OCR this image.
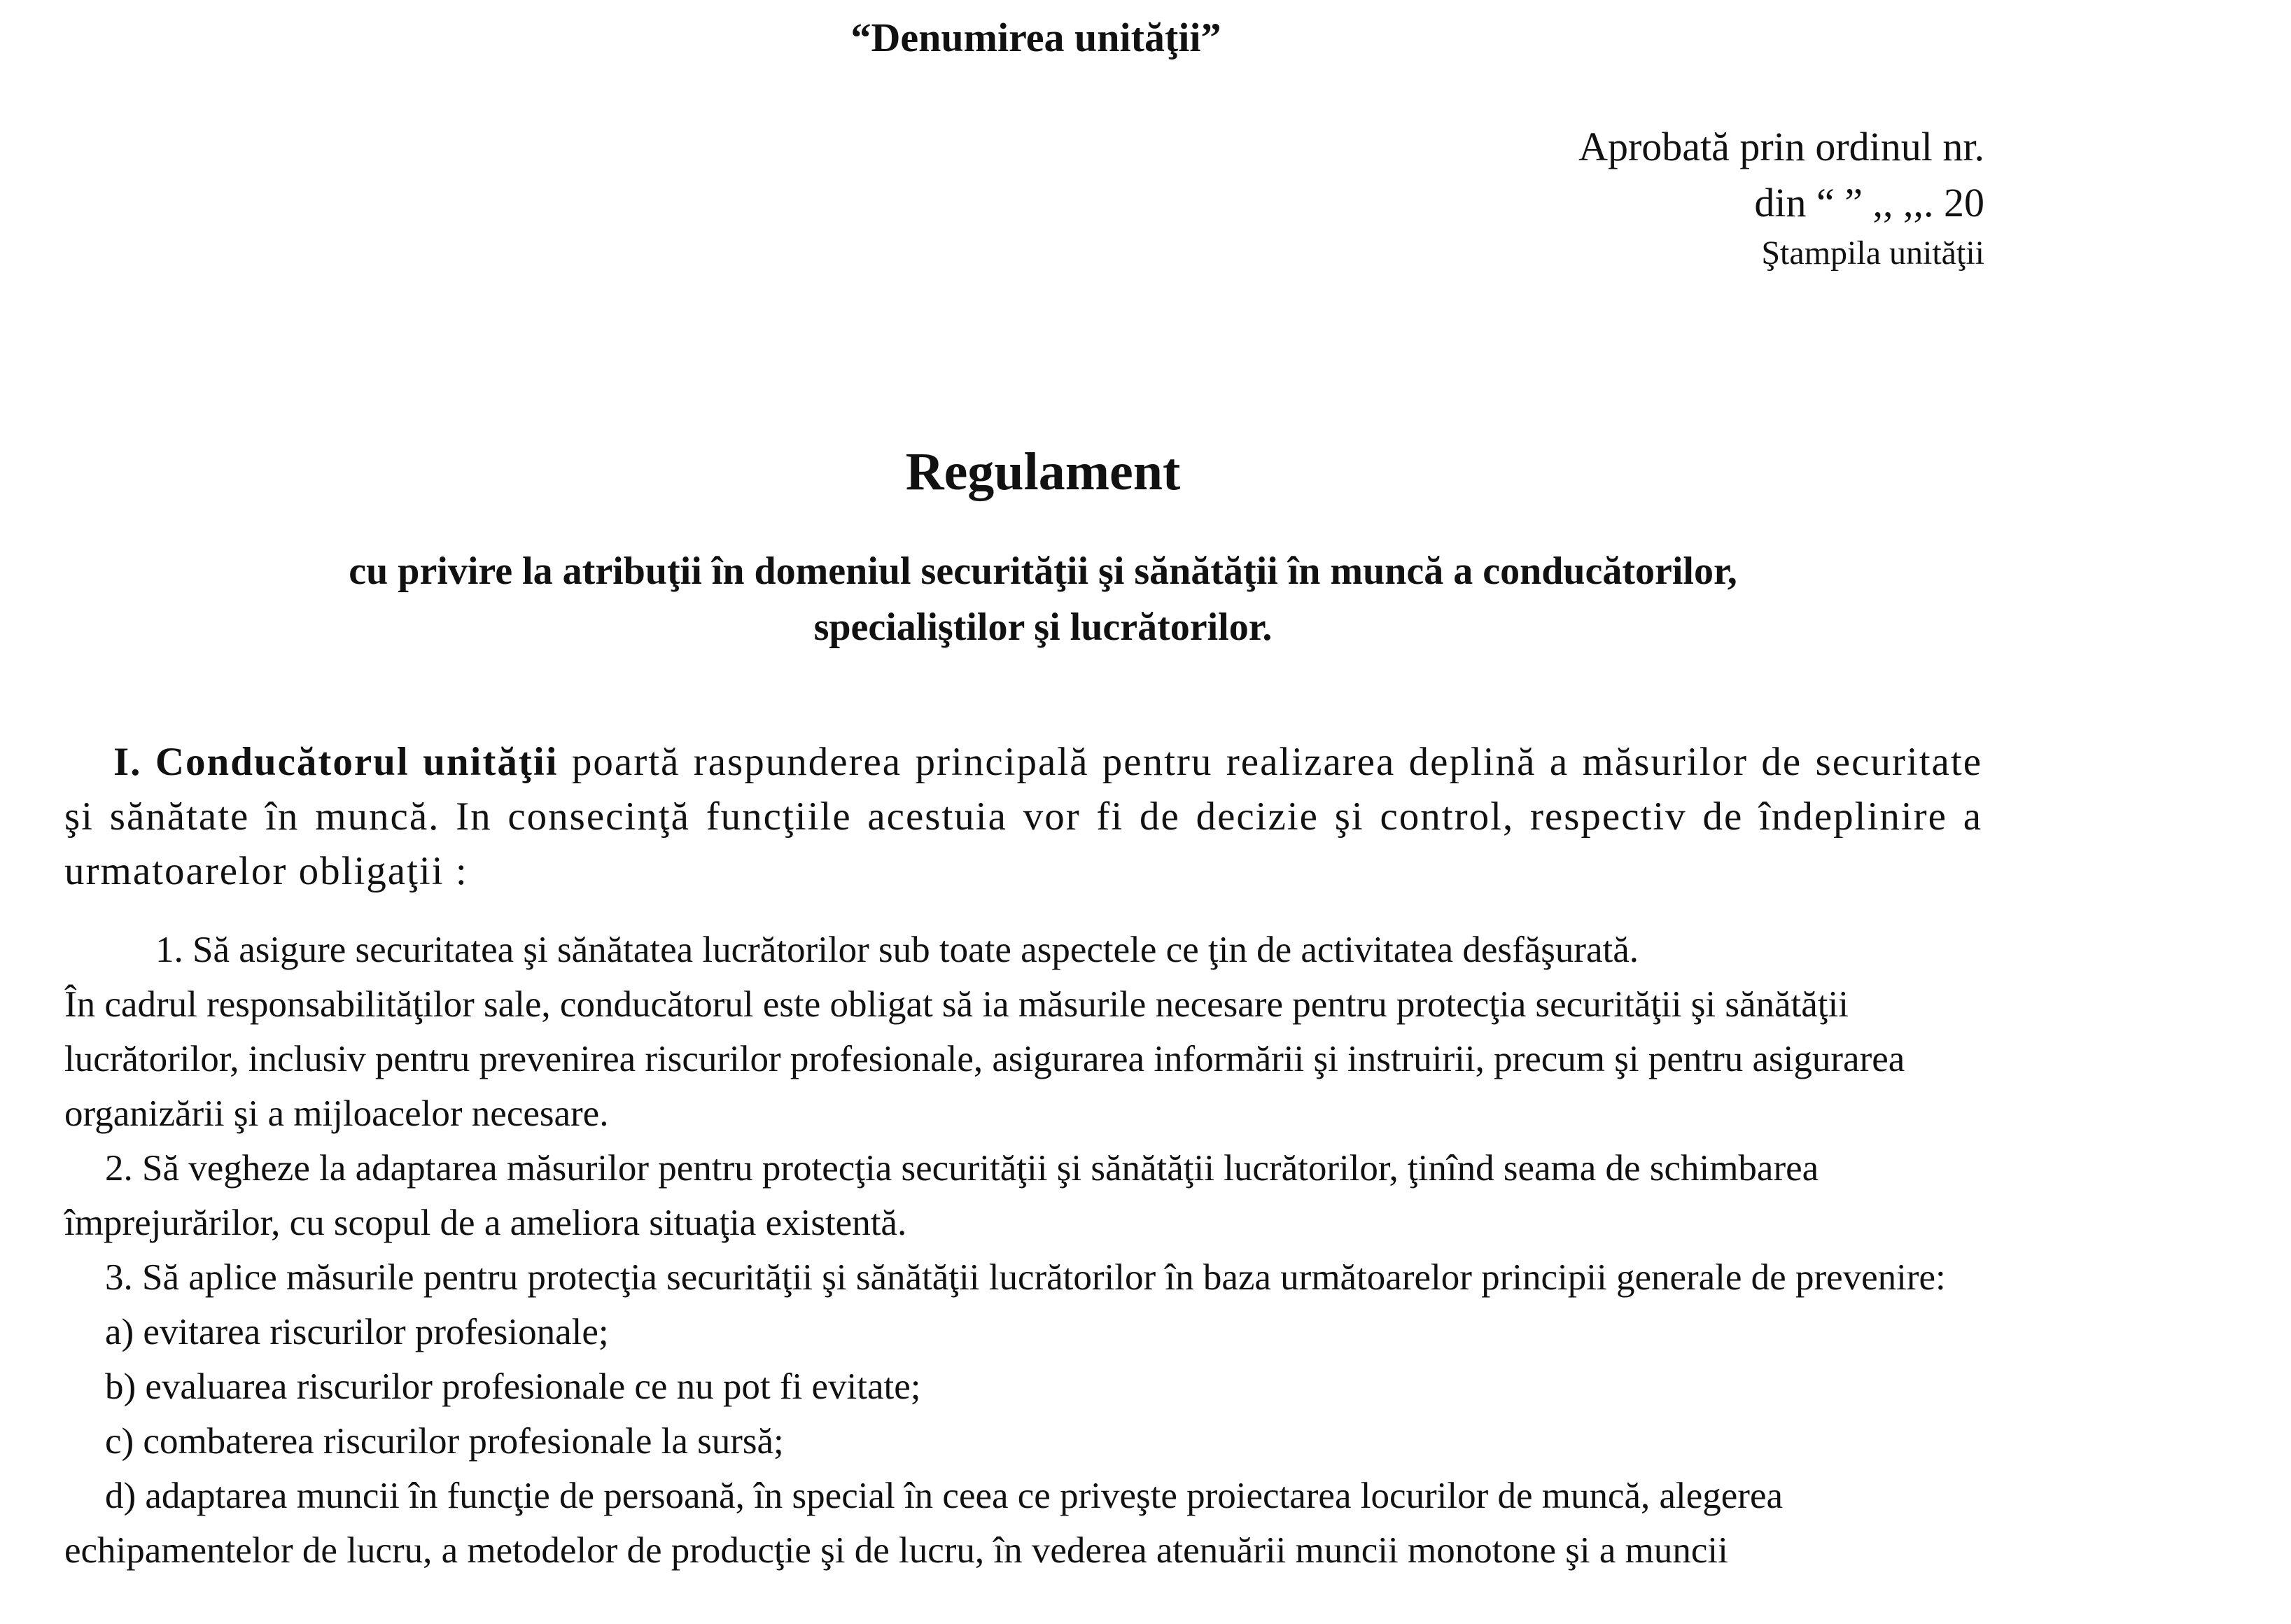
“Denumirea unităţii”
Aprobată prin ordinul nr.
din “ ” ,, ,,. 20
Ştampila unităţii
Regulament
cu privire la atribuţii în domeniul securităţii şi sănătăţii în muncă a conducătorilor,
specialiştilor şi lucrătorilor.
I. Conducătorul unităţii poartă raspunderea principală pentru realizarea deplină a măsurilor de securitate şi sănătate în muncă. In consecinţă funcţiile acestuia vor fi de decizie şi control, respectiv de îndeplinire a urmatoarelor obligaţii :

1. Să asigure securitatea şi sănătatea lucrătorilor sub toate aspectele ce ţin de activitatea desfăşurată.

În cadrul responsabilităţilor sale, conducătorul este obligat să ia măsurile necesare pentru protecţia securităţii şi sănătăţii lucrătorilor, inclusiv pentru prevenirea riscurilor profesionale, asigurarea informării şi instruirii, precum şi pentru asigurarea organizării şi a mijloacelor necesare.

2. Să vegheze la adaptarea măsurilor pentru protecţia securităţii şi sănătăţii lucrătorilor, ţinînd seama de schimbarea împrejurărilor, cu scopul de a ameliora situaţia existentă.

3. Să aplice măsurile pentru protecţia securităţii şi sănătăţii lucrătorilor în baza următoarelor principii generale de prevenire:

a) evitarea riscurilor profesionale;

b) evaluarea riscurilor profesionale ce nu pot fi evitate;

c) combaterea riscurilor profesionale la sursă;

d) adaptarea muncii în funcţie de persoană, în special în ceea ce priveşte proiectarea locurilor de muncă, alegerea echipamentelor de lucru, a metodelor de producţie şi de lucru, în vederea atenuării muncii monotone şi a muncii
